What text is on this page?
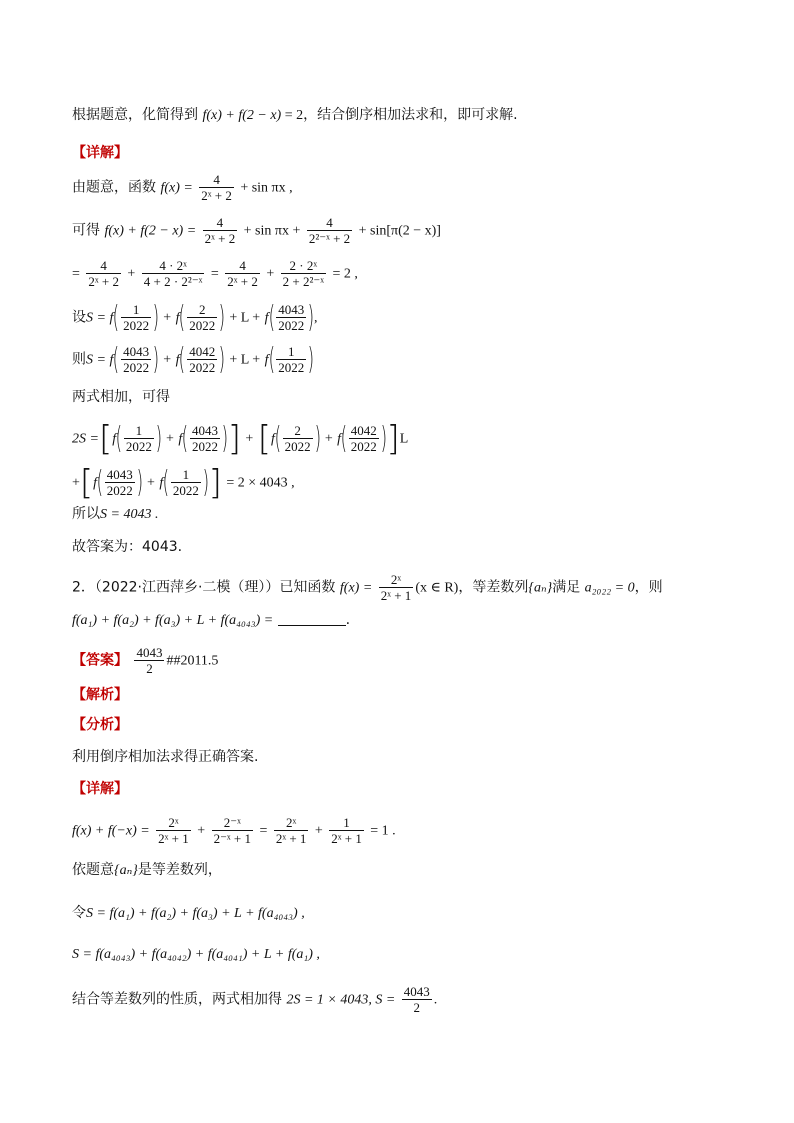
根据题意，化简得到 f(x) + f(2 − x) = 2，结合倒序相加法求和，即可求解.
【详解】
由题意，函数 $f(x) = \frac{4}{\text{2ˣ + 2}} + \sin \pi x$ ,
可得 $f(x) + f(2 - x) = \frac{4}{\text{2ˣ + 2}} + \sin \pi x + \frac{4}{\text{2²⁻ˣ + 2}} + \sin[\pi(2 - x)]$
= $\frac{4}{\text{2ˣ + 2}} + \frac{\text{4 · 2ˣ}}{\text{4 + 2 · 2²⁻ˣ}} = \frac{4}{\text{2ˣ + 2}} + \frac{\text{2 · 2ˣ}}{\text{2 + 2²⁻ˣ}} = 2$ ,
设$S = f( \frac{1}{2022}$ ) + $f( \frac{2}{2022}$ ) + $L + f( \frac{4043}{2022}$ ),
则$S = f( \frac{4043}{2022}$ ) + $f( \frac{4042}{2022}$ ) + $L + f( \frac{1}{2022}$ )
两式相加，可得
$2S =[f( \frac{1}{2022}$ ) + $f( \frac{4043}{2022}$ )] + [$f( \frac{2}{2022}$ ) + $f( \frac{4042}{2022} )]L$
$+[f( \frac{4043}{2022}$ ) + $f( \frac{1}{2022}$ )] = 2 × 4043 ,
所以S = 4043 .
故答案为：4043.
2．（2022·江西萍乡·二模（理））已知函数 $f(x) = \frac{\text{2ˣ}}{\text{2ˣ + 1}} (x$ ∈ R)，等差数列{aₙ}满足 a₂₀₂₂ = 0，则
f(a₁) + f(a₂) + f(a₃) + L + f(a₄₀₄₃) =	.
【答案】 $\frac{4043}{2}$ ##2011.5
【解析】
【分析】
利用倒序相加法求得正确答案.
【详解】
$f(x) + f(-x) = \frac{\text{2ˣ}}{\text{2ˣ + 1}} + \frac{\text{2⁻ˣ}}{\text{2⁻ˣ + 1}} = \frac{\text{2ˣ}}{\text{2ˣ + 1}} + \frac{1}{\text{2ˣ + 1}} = 1$ .
依题意{aₙ}是等差数列，
令S = f(a₁) + f(a₂) + f(a₃) + L + f(a₄₀₄₃) ,
S = f(a₄₀₄₃) + f(a₄₀₄₂) + f(a₄₀₄₁) + L + f(a₁) ,
结合等差数列的性质，两式相加得 2S = 1 × 4043, $S = \frac{4043}{2}$ .
